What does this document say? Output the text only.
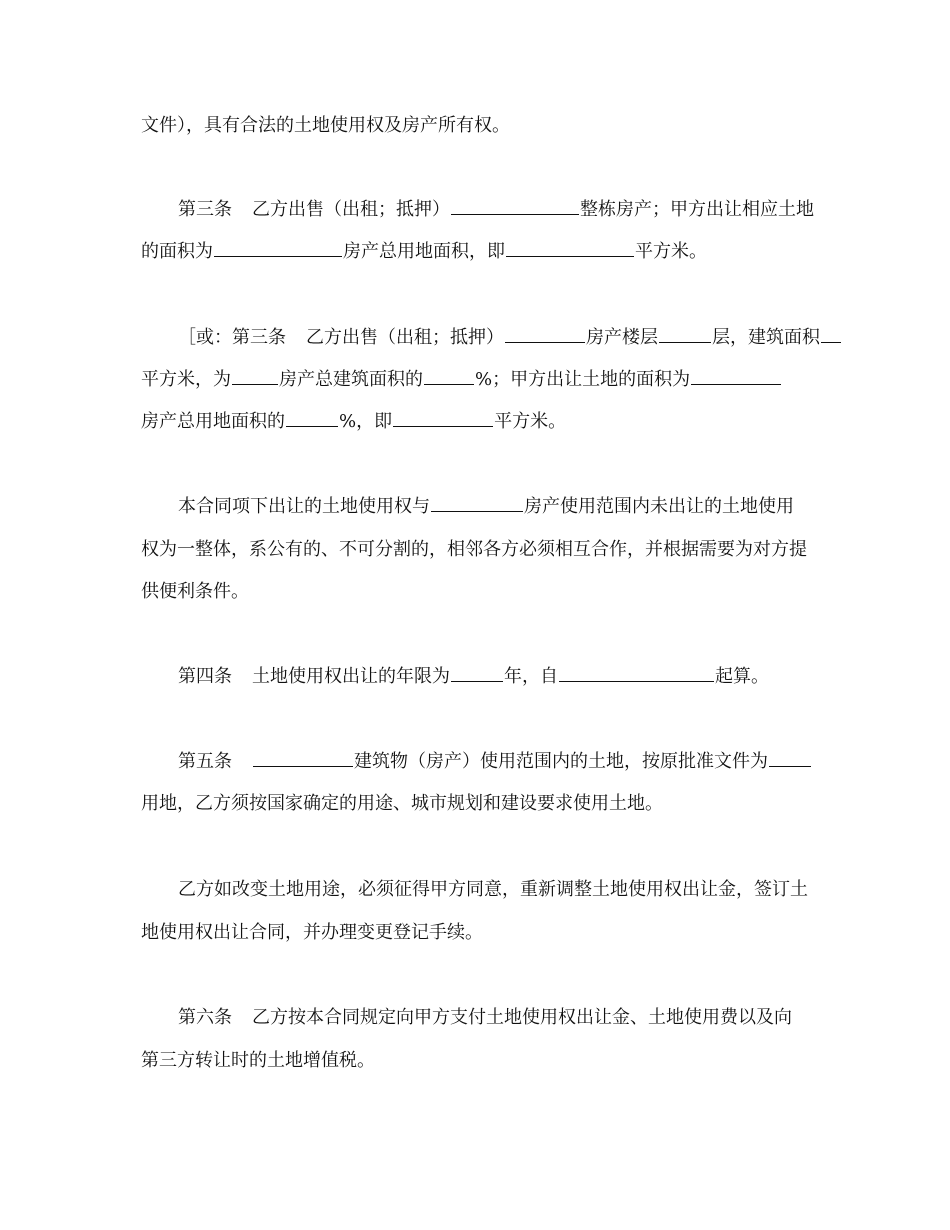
文件），具有合法的土地使用权及房产所有权。
第三条 乙方出售（出租；抵押）	整栋房产；甲方出让相应土地
的面积为	房产总用地面积，即	平方米。
［或：第三条 乙方出售（出租；抵押）	房产楼层	层，建筑面积
平方米，为	房产总建筑面积的	%；甲方出让土地的面积为
房产总用地面积的	%，即	平方米。
本合同项下出让的土地使用权与	房产使用范围内未出让的土地使用
权为一整体，系公有的、不可分割的，相邻各方必须相互合作，并根据需要为对方提
供便利条件。
第四条 土地使用权出让的年限为	年，自	起算。
第五条	建筑物（房产）使用范围内的土地，按原批准文件为
用地，乙方须按国家确定的用途、城市规划和建设要求使用土地。
乙方如改变土地用途，必须征得甲方同意，重新调整土地使用权出让金，签订土
地使用权出让合同，并办理变更登记手续。
第六条 乙方按本合同规定向甲方支付土地使用权出让金、土地使用费以及向
第三方转让时的土地增值税。
